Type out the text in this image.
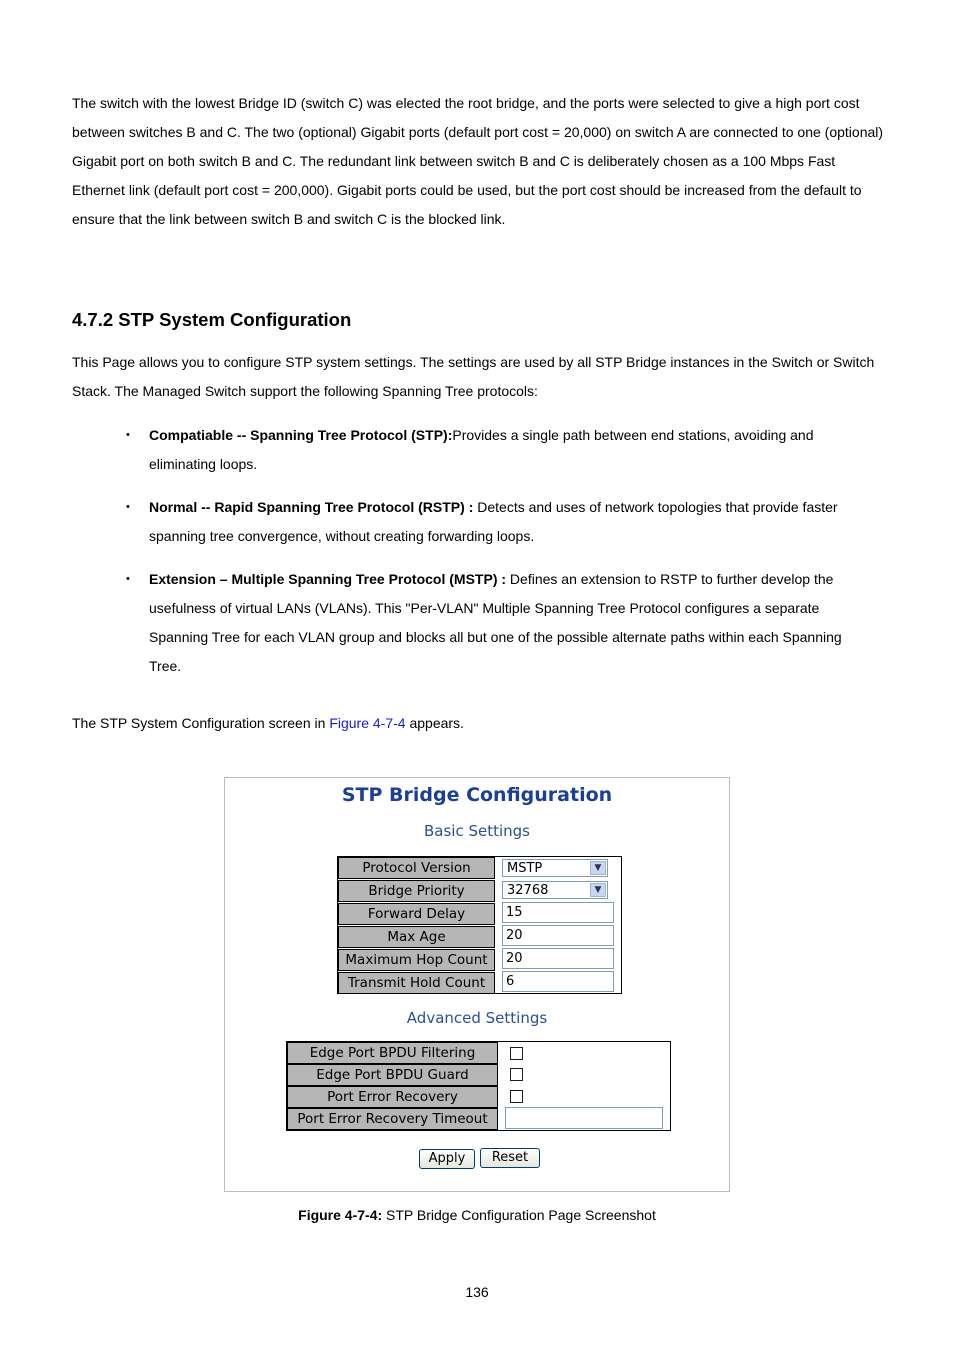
The switch with the lowest Bridge ID (switch C) was elected the root bridge, and the ports were selected to give a high port cost between switches B and C. The two (optional) Gigabit ports (default port cost = 20,000) on switch A are connected to one (optional) Gigabit port on both switch B and C. The redundant link between switch B and C is deliberately chosen as a 100 Mbps Fast Ethernet link (default port cost = 200,000). Gigabit ports could be used, but the port cost should be increased from the default to ensure that the link between switch B and switch C is the blocked link.

4.7.2 STP System Configuration

This Page allows you to configure STP system settings. The settings are used by all STP Bridge instances in the Switch or Switch Stack. The Managed Switch support the following Spanning Tree protocols:

• Compatiable -- Spanning Tree Protocol (STP):Provides a single path between end stations, avoiding and eliminating loops.
• Normal -- Rapid Spanning Tree Protocol (RSTP) : Detects and uses of network topologies that provide faster spanning tree convergence, without creating forwarding loops.
• Extension – Multiple Spanning Tree Protocol (MSTP) : Defines an extension to RSTP to further develop the usefulness of virtual LANs (VLANs). This "Per-VLAN" Multiple Spanning Tree Protocol configures a separate Spanning Tree for each VLAN group and blocks all but one of the possible alternate paths within each Spanning Tree.

The STP System Configuration screen in Figure 4-7-4 appears.

STP Bridge Configuration
Basic Settings
Protocol Version	MSTP	▼
Bridge Priority	32768	▼
Forward Delay	15
Max Age	20
Maximum Hop Count	20
Transmit Hold Count	6
Advanced Settings
Edge Port BPDU Filtering
Edge Port BPDU Guard
Port Error Recovery
Port Error Recovery Timeout
Apply	Reset
Figure 4-7-4: STP Bridge Configuration Page Screenshot
136
